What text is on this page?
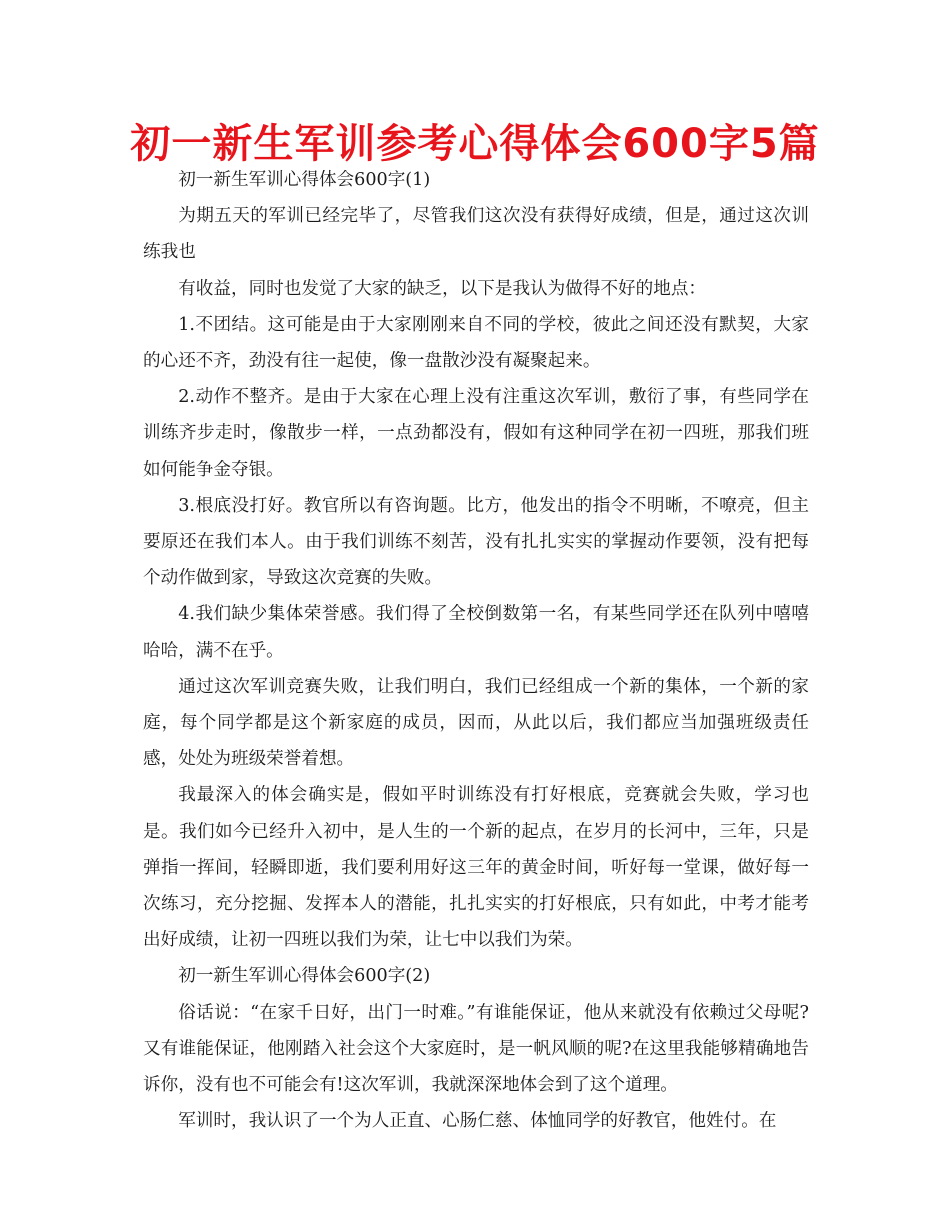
初一新生军训参考心得体会600字5篇

初一新生军训心得体会600字(1)

为期五天的军训已经完毕了，尽管我们这次没有获得好成绩，但是，通过这次训练我也

有收益，同时也发觉了大家的缺乏，以下是我认为做得不好的地点：

1.不团结。这可能是由于大家刚刚来自不同的学校，彼此之间还没有默契，大家的心还不齐，劲没有往一起使，像一盘散沙没有凝聚起来。

2.动作不整齐。是由于大家在心理上没有注重这次军训，敷衍了事，有些同学在训练齐步走时，像散步一样，一点劲都没有，假如有这种同学在初一四班，那我们班如何能争金夺银。

3.根底没打好。教官所以有咨询题。比方，他发出的指令不明晰，不嘹亮，但主要原还在我们本人。由于我们训练不刻苦，没有扎扎实实的掌握动作要领，没有把每个动作做到家，导致这次竞赛的失败。

4.我们缺少集体荣誉感。我们得了全校倒数第一名，有某些同学还在队列中嘻嘻哈哈，满不在乎。

通过这次军训竞赛失败，让我们明白，我们已经组成一个新的集体，一个新的家庭，每个同学都是这个新家庭的成员，因而，从此以后，我们都应当加强班级责任感，处处为班级荣誉着想。

我最深入的体会确实是，假如平时训练没有打好根底，竞赛就会失败，学习也是。我们如今已经升入初中，是人生的一个新的起点，在岁月的长河中，三年，只是弹指一挥间，轻瞬即逝，我们要利用好这三年的黄金时间，听好每一堂课，做好每一次练习，充分挖掘、发挥本人的潜能，扎扎实实的打好根底，只有如此，中考才能考出好成绩，让初一四班以我们为荣，让七中以我们为荣。

初一新生军训心得体会600字(2)

俗话说：“在家千日好，出门一时难。”有谁能保证，他从来就没有依赖过父母呢?又有谁能保证，他刚踏入社会这个大家庭时，是一帆风顺的呢?在这里我能够精确地告诉你，没有也不可能会有!这次军训，我就深深地体会到了这个道理。

军训时，我认识了一个为人正直、心肠仁慈、体恤同学的好教官，他姓付。在
